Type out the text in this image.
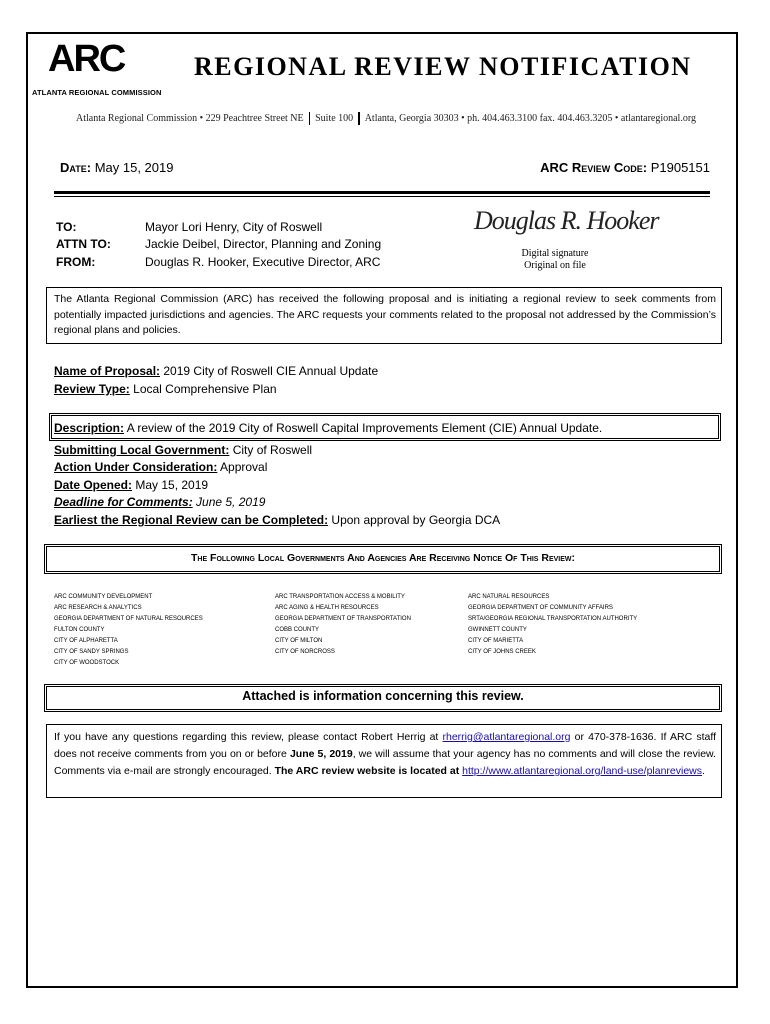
ARC
ATLANTA REGIONAL COMMISSION
REGIONAL REVIEW NOTIFICATION
Atlanta Regional Commission • 229 Peachtree Street NE Suite 100 Atlanta, Georgia 30303 • ph. 404.463.3100 fax. 404.463.3205 • atlantaregional.org
Date: May 15, 2019	ARC Review Code: P1905151
TO:	Mayor Lori Henry, City of Roswell
ATTN TO:	Jackie Deibel, Director, Planning and Zoning
FROM:	Douglas R. Hooker, Executive Director, ARC
Douglas R. Hooker
Digital signature
Original on file
The Atlanta Regional Commission (ARC) has received the following proposal and is initiating a regional review to seek comments from potentially impacted jurisdictions and agencies. The ARC requests your comments related to the proposal not addressed by the Commission’s regional plans and policies.
Name of Proposal: 2019 City of Roswell CIE Annual Update
Review Type: Local Comprehensive Plan
Description: A review of the 2019 City of Roswell Capital Improvements Element (CIE) Annual Update.
Submitting Local Government: City of Roswell
Action Under Consideration: Approval
Date Opened: May 15, 2019
Deadline for Comments: June 5, 2019
Earliest the Regional Review can be Completed: Upon approval by Georgia DCA
The Following Local Governments And Agencies Are Receiving Notice Of This Review:
ARC COMMUNITY DEVELOPMENT
ARC RESEARCH & ANALYTICS
GEORGIA DEPARTMENT OF NATURAL RESOURCES
FULTON COUNTY
CITY OF ALPHARETTA
CITY OF SANDY SPRINGS
CITY OF WOODSTOCK
ARC TRANSPORTATION ACCESS & MOBILITY
ARC AGING & HEALTH RESOURCES
GEORGIA DEPARTMENT OF TRANSPORTATION
COBB COUNTY
CITY OF MILTON
CITY OF NORCROSS
ARC NATURAL RESOURCES
GEORGIA DEPARTMENT OF COMMUNITY AFFAIRS
SRTA/GEORGIA REGIONAL TRANSPORTATION AUTHORITY
GWINNETT COUNTY
CITY OF MARIETTA
CITY OF JOHNS CREEK
Attached is information concerning this review.
If you have any questions regarding this review, please contact Robert Herrig at rherrig@atlantaregional.org or 470-378-1636. If ARC staff does not receive comments from you on or before June 5, 2019, we will assume that your agency has no comments and will close the review. Comments via e-mail are strongly encouraged. The ARC review website is located at http://www.atlantaregional.org/land-use/planreviews.
